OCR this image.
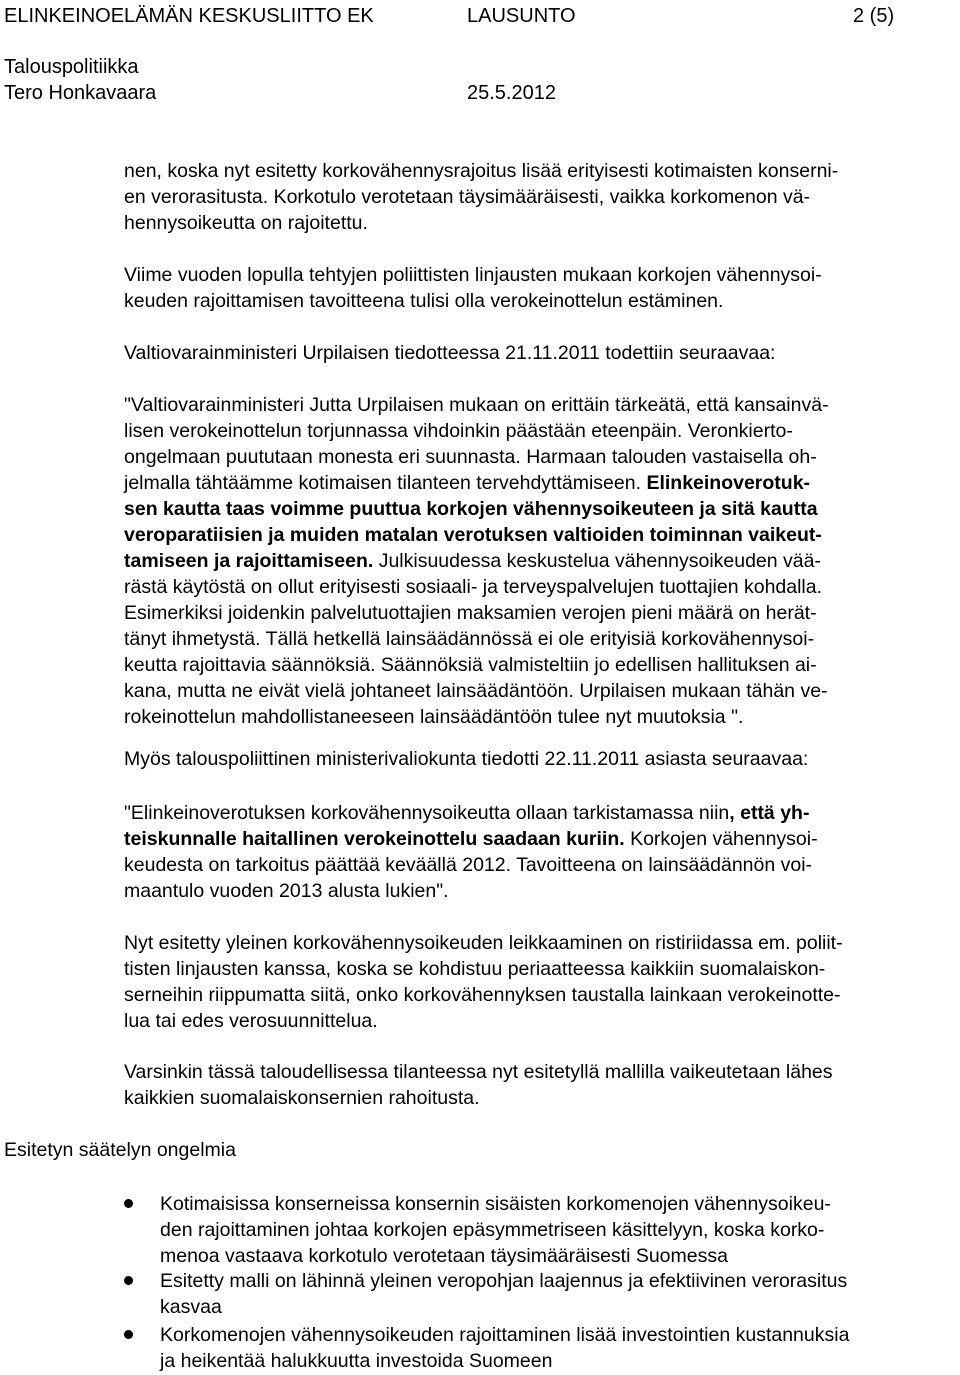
ELINKEINOELÄMÄN KESKUSLIITTO EK	LAUSUNTO	2 (5)
Talouspolitiikka
Tero Honkavaara	25.5.2012
nen, koska nyt esitetty korkovähennysrajoitus lisää erityisesti kotimaisten konserni-
en verorasitusta. Korkotulo verotetaan täysimääräisesti, vaikka korkomenon vä-
hennysoikeutta on rajoitettu.
Viime vuoden lopulla tehtyjen poliittisten linjausten mukaan korkojen vähennysoi-
keuden rajoittamisen tavoitteena tulisi olla verokeinottelun estäminen.
Valtiovarainministeri Urpilaisen tiedotteessa 21.11.2011 todettiin seuraavaa:
"Valtiovarainministeri Jutta Urpilaisen mukaan on erittäin tärkeätä, että kansainvä-
lisen verokeinottelun torjunnassa vihdoinkin päästään eteenpäin. Veronkierto-
ongelmaan puututaan monesta eri suunnasta. Harmaan talouden vastaisella oh-
jelmalla tähtäämme kotimaisen tilanteen tervehdyttämiseen. Elinkeinoverotuk-
sen kautta taas voimme puuttua korkojen vähennysoikeuteen ja sitä kautta
veroparatiisien ja muiden matalan verotuksen valtioiden toiminnan vaikeut-
tamiseen ja rajoittamiseen. Julkisuudessa keskustelua vähennysoikeuden vää-
rästä käytöstä on ollut erityisesti sosiaali- ja terveyspalvelujen tuottajien kohdalla.
Esimerkiksi joidenkin palvelutuottajien maksamien verojen pieni määrä on herät-
tänyt ihmetystä. Tällä hetkellä lainsäädännössä ei ole erityisiä korkovähennysoi-
keutta rajoittavia säännöksiä. Säännöksiä valmisteltiin jo edellisen hallituksen ai-
kana, mutta ne eivät vielä johtaneet lainsäädäntöön. Urpilaisen mukaan tähän ve-
rokeinottelun mahdollistaneeseen lainsäädäntöön tulee nyt muutoksia ".
Myös talouspoliittinen ministerivaliokunta tiedotti 22.11.2011 asiasta seuraavaa:
"Elinkeinoverotuksen korkovähennysoikeutta ollaan tarkistamassa niin, että yh-
teiskunnalle haitallinen verokeinottelu saadaan kuriin. Korkojen vähennysoi-
keudesta on tarkoitus päättää keväällä 2012. Tavoitteena on lainsäädännön voi-
maantulo vuoden 2013 alusta lukien".
Nyt esitetty yleinen korkovähennysoikeuden leikkaaminen on ristiriidassa em. poliit-
tisten linjausten kanssa, koska se kohdistuu periaatteessa kaikkiin suomalaiskon-
serneihin riippumatta siitä, onko korkovähennyksen taustalla lainkaan verokeinotte-
lua tai edes verosuunnittelua.
Varsinkin tässä taloudellisessa tilanteessa nyt esitetyllä mallilla vaikeutetaan lähes
kaikkien suomalaiskonsernien rahoitusta.
Esitetyn säätelyn ongelmia
Kotimaisissa konserneissa konsernin sisäisten korkomenojen vähennysoikeu-
den rajoittaminen johtaa korkojen epäsymmetriseen käsittelyyn, koska korko-
menoa vastaava korkotulo verotetaan täysimääräisesti Suomessa
Esitetty malli on lähinnä yleinen veropohjan laajennus ja efektiivinen verorasitus
kasvaa
Korkomenojen vähennysoikeuden rajoittaminen lisää investointien kustannuksia
ja heikentää halukkuutta investoida Suomeen
